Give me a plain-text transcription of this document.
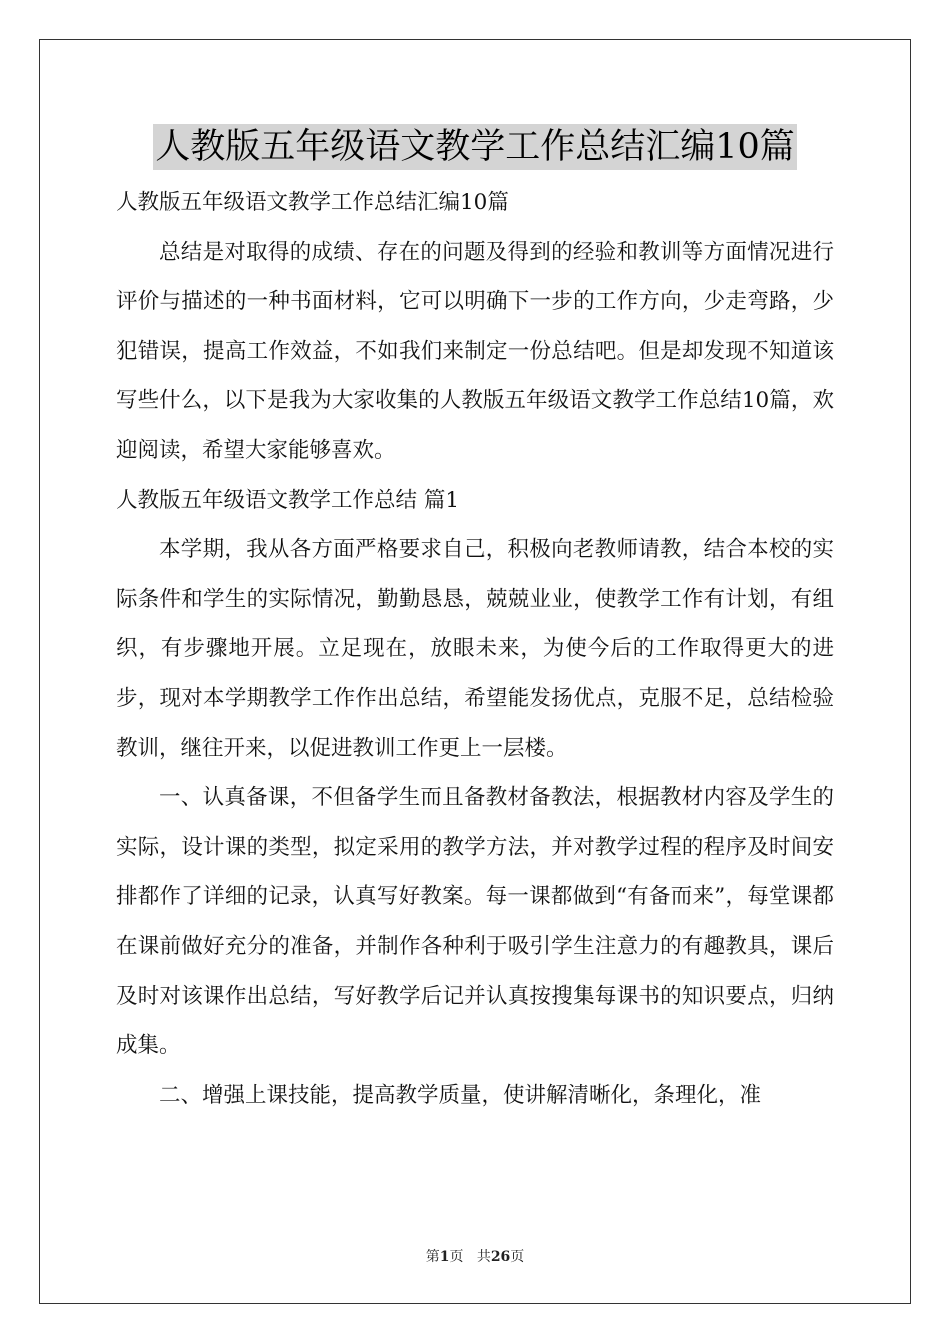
人教版五年级语文教学工作总结汇编10篇

人教版五年级语文教学工作总结汇编10篇

总结是对取得的成绩、存在的问题及得到的经验和教训等方面情况进行评价与描述的一种书面材料，它可以明确下一步的工作方向，少走弯路，少犯错误，提高工作效益，不如我们来制定一份总结吧。但是却发现不知道该写些什么，以下是我为大家收集的人教版五年级语文教学工作总结10篇，欢迎阅读，希望大家能够喜欢。

人教版五年级语文教学工作总结 篇1

本学期，我从各方面严格要求自己，积极向老教师请教，结合本校的实际条件和学生的实际情况，勤勤恳恳，兢兢业业，使教学工作有计划，有组织，有步骤地开展。立足现在，放眼未来，为使今后的工作取得更大的进步，现对本学期教学工作作出总结，希望能发扬优点，克服不足，总结检验教训，继往开来，以促进教训工作更上一层楼。

一、认真备课，不但备学生而且备教材备教法，根据教材内容及学生的实际，设计课的类型，拟定采用的教学方法，并对教学过程的程序及时间安排都作了详细的记录，认真写好教案。每一课都做到“有备而来”，每堂课都在课前做好充分的准备，并制作各种利于吸引学生注意力的有趣教具，课后及时对该课作出总结，写好教学后记并认真按搜集每课书的知识要点，归纳成集。

二、增强上课技能，提高教学质量，使讲解清晰化，条理化，准

第1页 共26页
